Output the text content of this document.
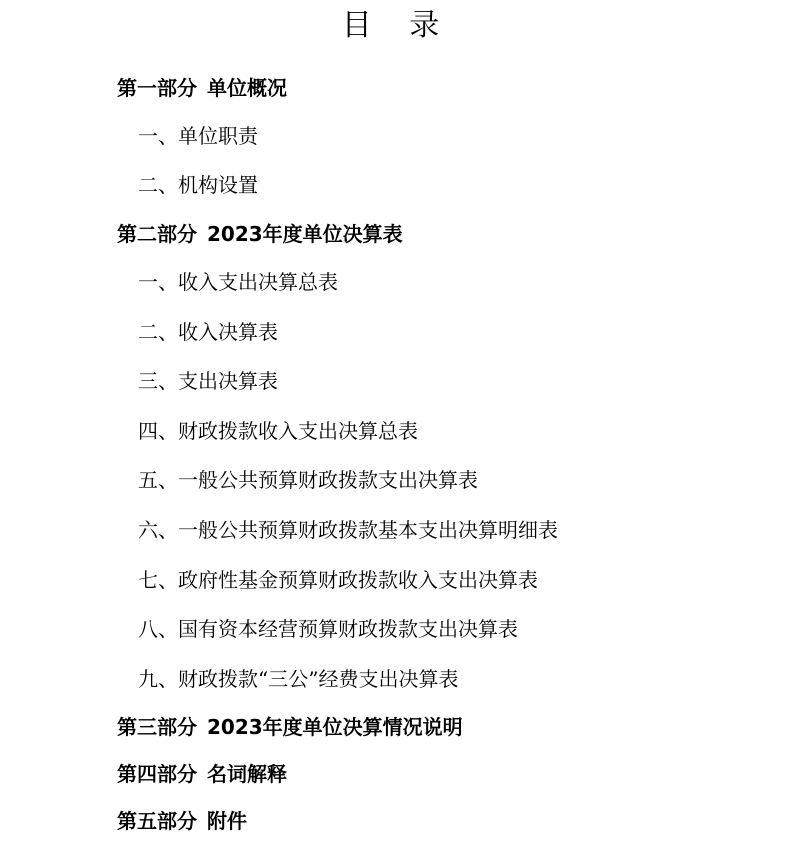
目 录
第一部分 单位概况
一、单位职责
二、机构设置
第二部分 2023年度单位决算表
一、收入支出决算总表
二、收入决算表
三、支出决算表
四、财政拨款收入支出决算总表
五、一般公共预算财政拨款支出决算表
六、一般公共预算财政拨款基本支出决算明细表
七、政府性基金预算财政拨款收入支出决算表
八、国有资本经营预算财政拨款支出决算表
九、财政拨款“三公”经费支出决算表
第三部分 2023年度单位决算情况说明
第四部分 名词解释
第五部分 附件
